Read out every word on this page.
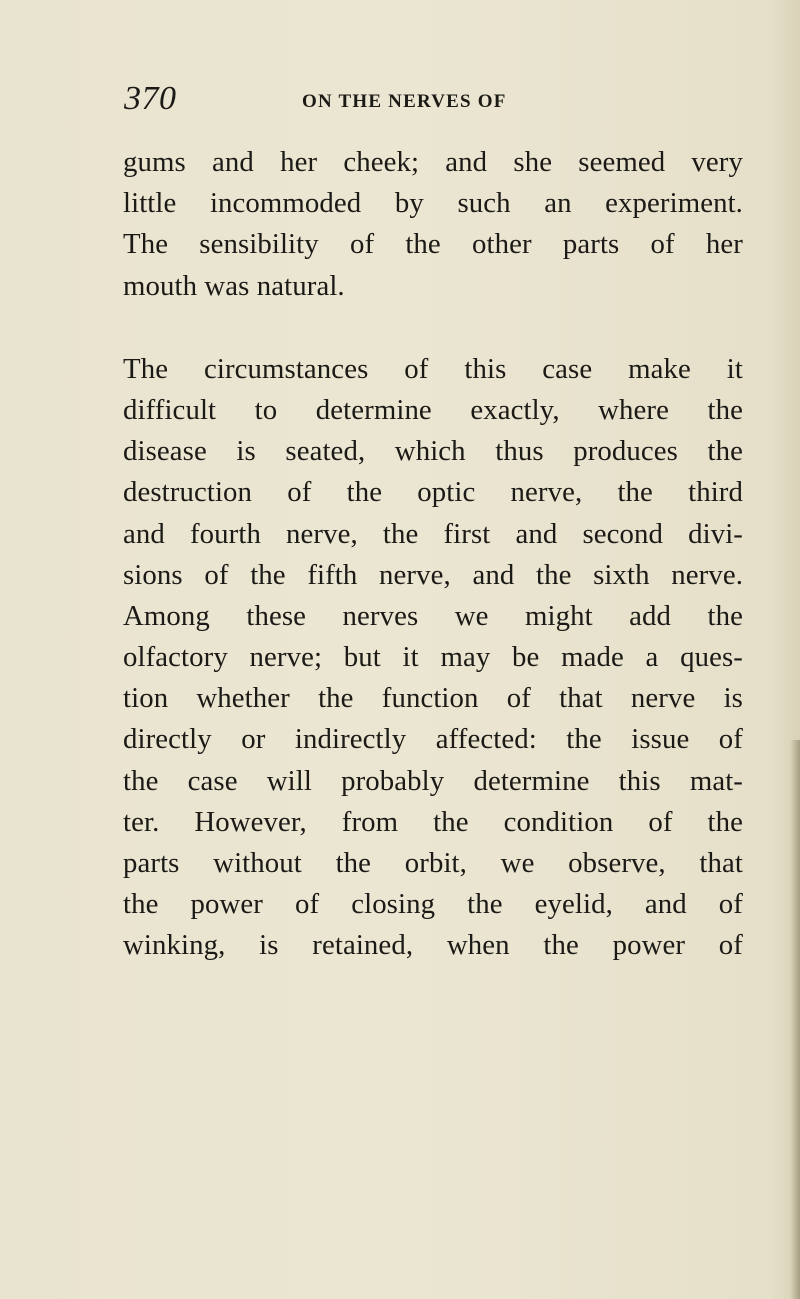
370	ON THE NERVES OF
gums and her cheek; and she seemed very
little incommoded by such an experiment.
The sensibility of the other parts of her
mouth was natural.
The circumstances of this case make it
difficult to determine exactly, where the
disease is seated, which thus produces the
destruction of the optic nerve, the third
and fourth nerve, the first and second divi-
sions of the fifth nerve, and the sixth nerve.
Among these nerves we might add the
olfactory nerve; but it may be made a ques-
tion whether the function of that nerve is
directly or indirectly affected: the issue of
the case will probably determine this mat-
ter. However, from the condition of the
parts without the orbit, we observe, that
the power of closing the eyelid, and of
winking, is retained, when the power of
